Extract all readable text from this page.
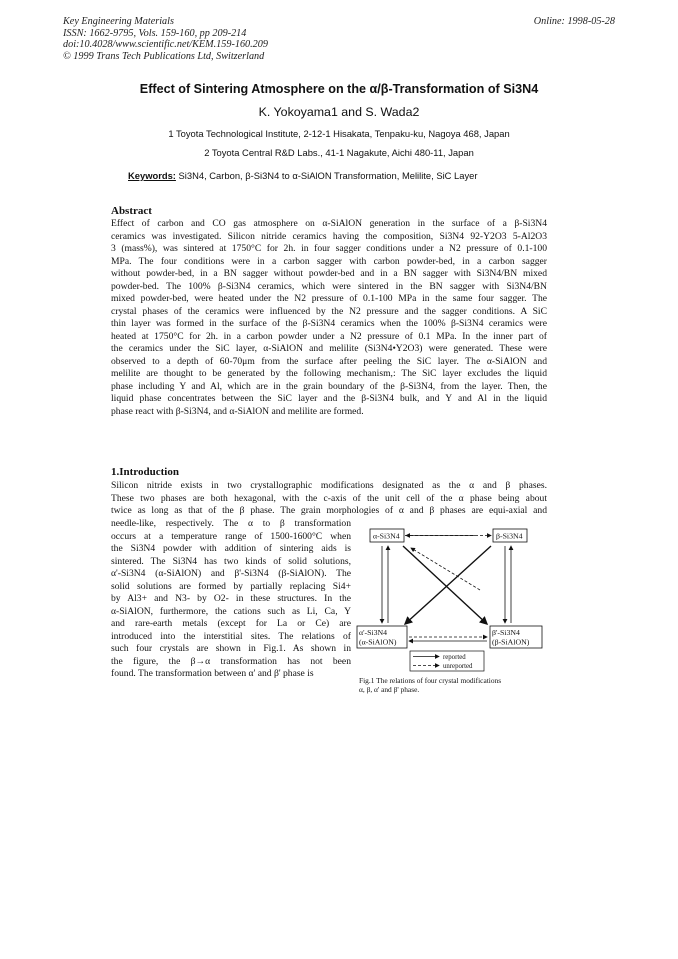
Key Engineering Materials
ISSN: 1662-9795, Vols. 159-160, pp 209-214
doi:10.4028/www.scientific.net/KEM.159-160.209
© 1999 Trans Tech Publications Ltd, Switzerland
Online: 1998-05-28
Effect of Sintering Atmosphere on the α/β-Transformation of Si3N4
K. Yokoyama1 and S. Wada2
1 Toyota Technological Institute, 2-12-1 Hisakata, Tenpaku-ku, Nagoya 468, Japan
2 Toyota Central R&D Labs., 41-1 Nagakute, Aichi 480-11, Japan
Keywords: Si3N4, Carbon, β-Si3N4 to α-SiAlON Transformation, Melilite, SiC Layer
Abstract
Effect of carbon and CO gas atmosphere on α-SiAlON generation in the surface of a β-Si3N4
ceramics was investigated. Silicon nitride ceramics having the composition, Si3N4 92-Y2O3 5-Al2O3
3 (mass%), was sintered at 1750°C for 2h. in four sagger conditions under a N2 pressure of 0.1-100
MPa. The four conditions were in a carbon sagger with carbon powder-bed, in a carbon sagger
without powder-bed, in a BN sagger without powder-bed and in a BN sagger with Si3N4/BN mixed
powder-bed. The 100% β-Si3N4 ceramics, which were sintered in the BN sagger with Si3N4/BN
mixed powder-bed, were heated under the N2 pressure of 0.1-100 MPa in the same four sagger. The
crystal phases of the ceramics were influenced by the N2 pressure and the sagger conditions. A SiC
thin layer was formed in the surface of the β-Si3N4 ceramics when the 100% β-Si3N4 ceramics were
heated at 1750°C for 2h. in a carbon powder under a N2 pressure of 0.1 MPa. In the inner part of
the ceramics under the SiC layer, α-SiAlON and melilite (Si3N4•Y2O3) were generated. These were
observed to a depth of 60-70μm from the surface after peeling the SiC layer. The α-SiAlON and
melilite are thought to be generated by the following mechanism,: The SiC layer excludes the liquid
phase including Y and Al, which are in the grain boundary of the β-Si3N4, from the layer. Then, the
liquid phase concentrates between the SiC layer and the β-Si3N4 bulk, and Y and Al in the liquid
phase react with β-Si3N4, and α-SiAlON and melilite are formed.
1.Introduction
Silicon nitride exists in two crystallographic modifications designated as the α and β phases.
These two phases are both hexagonal, with the c-axis of the unit cell of the α phase being about
twice as long as that of the β phase. The grain morphologies of α and β phases are equi-axial and
needle-like, respectively. The α to β transformation
occurs at a temperature range of 1500-1600°C when
the Si3N4 powder with addition of sintering aids is
sintered. The Si3N4 has two kinds of solid solutions,
α'-Si3N4 (α-SiAlON) and β'-Si3N4 (β-SiAlON). The
solid solutions are formed by partially replacing Si4+
by Al3+ and N3- by O2- in these structures. In the
α-SiAlON, furthermore, the cations such as Li, Ca, Y
and rare-earth metals (except for La or Ce) are
introduced into the interstitial sites. The relations of
such four crystals are shown in Fig.1. As shown in
the figure, the β→α transformation has not been
found. The transformation between α' and β' phase is
α-Si3N4	β-Si3N4
α'-Si3N4
(α-SiAlON)
β'-Si3N4
(β-SiAlON)
reported
unreported
Fig.1 The relations of four crystal modifications
α, β, α' and β' phase.
